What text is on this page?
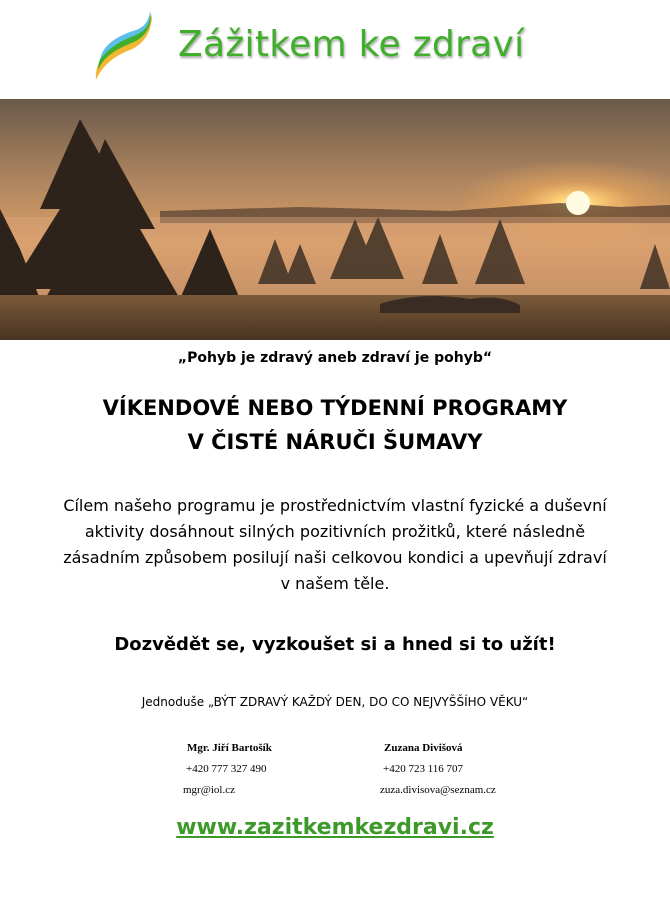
Zážitkem ke zdraví
„Pohyb je zdravý aneb zdraví je pohyb“
VÍKENDOVÉ NEBO TÝDENNÍ PROGRAMY
V ČISTÉ NÁRUČI ŠUMAVY
Cílem našeho programu je prostřednictvím vlastní fyzické a duševní aktivity dosáhnout silných pozitivních prožitků, které následně zásadním způsobem posilují naši celkovou kondici a upevňují zdraví v našem těle.
Dozvědět se, vyzkoušet si a hned si to užít!
Jednoduše „BÝT ZDRAVÝ KAŽDÝ DEN, DO CO NEJVYŠŠÍHO VĚKU“
Mgr. Jiří Bartošík
+420 777 327 490
mgr@iol.cz
Zuzana Divišová
+420 723 116 707
zuza.divisova@seznam.cz
www.zazitkemkezdravi.cz
